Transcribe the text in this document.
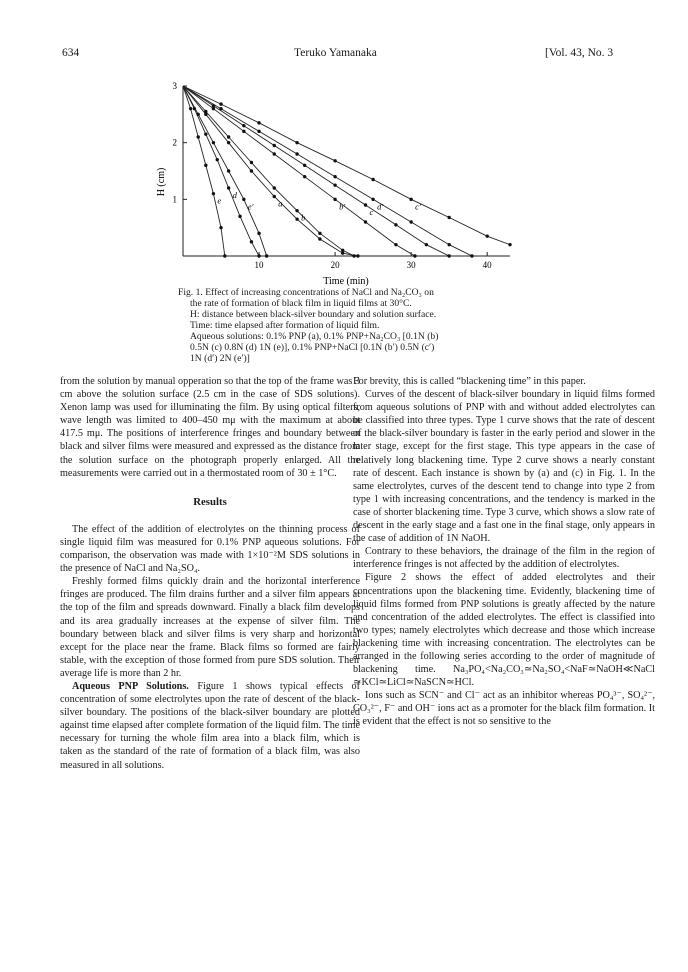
634	Teruko Yamanaka	[Vol. 43, No. 3
1
2
3
10	20	30	40
e
d
e′	a
b
b′
c
d′	c′
H (cm)
Time (min)

Fig. 1. Effect of increasing concentrations of NaCl and Na₂CO₃ on

the rate of formation of black film in liquid films at 30°C.

H: distance between black-silver boundary and solution surface.

Time: time elapsed after formation of liquid film.

Aqueous solutions: 0.1% PNP (a), 0.1% PNP+Na₂CO₃ [0.1N (b)

0.5N (c) 0.8N (d) 1N (e)], 0.1% PNP+NaCl [0.1N (b′) 0.5N (c′)

1N (d′) 2N (e′)]

from the solution by manual opperation so that the top of the frame was 3 cm above the solution surface (2.5 cm in the case of SDS solutions). Xenon lamp was used for illuminating the film. By using optical filters, wave length was limited to 400–450 mμ with the maximum at about 417.5 mμ. The positions of interference fringes and boundary between black and silver films were measured and expressed as the distance from the solution surface on the photograph properly enlarged. All the measurements were carried out in a thermostated room of 30 ± 1°C.

Results

The effect of the addition of electrolytes on the thinning process of single liquid film was measured for 0.1% PNP aqueous solutions. For comparison, the observation was made with 1×10⁻²M SDS solutions in the presence of NaCl and Na₂SO₄.

Freshly formed films quickly drain and the horizontal interference fringes are produced. The film drains further and a silver film appears at the top of the film and spreads downward. Finally a black film develops and its area gradually increases at the expense of silver film. The boundary between black and silver films is very sharp and horizontal except for the place near the frame. Black films so formed are fairly stable, with the exception of those formed from pure SDS solution. Their average life is more than 2 hr.

Aqueous PNP Solutions. Figure 1 shows typical effects of concentration of some electrolytes upon the rate of descent of the black-silver boundary. The positions of the black-silver boundary are plotted against time elapsed after complete formation of the liquid film. The time necessary for turning the whole film area into a black film, which is taken as the standard of the rate of formation of a black film, was also measured in all solutions.

For brevity, this is called “blackening time” in this paper.

Curves of the descent of black-silver boundary in liquid films formed from aqueous solutions of PNP with and without added electrolytes can be classified into three types. Type 1 curve shows that the rate of descent of the black-silver boundary is faster in the early period and slower in the later stage, except for the first stage. This type appears in the case of relatively long blackening time. Type 2 curve shows a nearly constant rate of descent. Each instance is shown by (a) and (c) in Fig. 1. In the same electrolytes, curves of the descent tend to change into type 2 from type 1 with increasing concentrations, and the tendency is marked in the case of shorter blackening time. Type 3 curve, which shows a slow rate of descent in the early stage and a fast one in the final stage, only appears in the case of addition of 1N NaOH.

Contrary to these behaviors, the drainage of the film in the region of interference fringes is not affected by the addition of electrolytes.

Figure 2 shows the effect of added electrolytes and their concentrations upon the blackening time. Evidently, blackening time of liquid films formed from PNP solutions is greatly affected by the nature and concentration of the added electrolytes. The effect is classified into two types; namely electrolytes which decrease and those which increase blackening time with increasing concentration. The electrolytes can be arranged in the following series according to the order of magnitude of blackening time. Na₃PO₄<Na₂CO₃≃Na₂SO₄<NaF≃NaOH≪NaCl ≃KCl≃LiCl≃NaSCN≃HCl.

Ions such as SCN⁻ and Cl⁻ act as an inhibitor whereas PO₄³⁻, SO₄²⁻, CO₃²⁻, F⁻ and OH⁻ ions act as a promoter for the black film formation. It is evident that the effect is not so sensitive to the
